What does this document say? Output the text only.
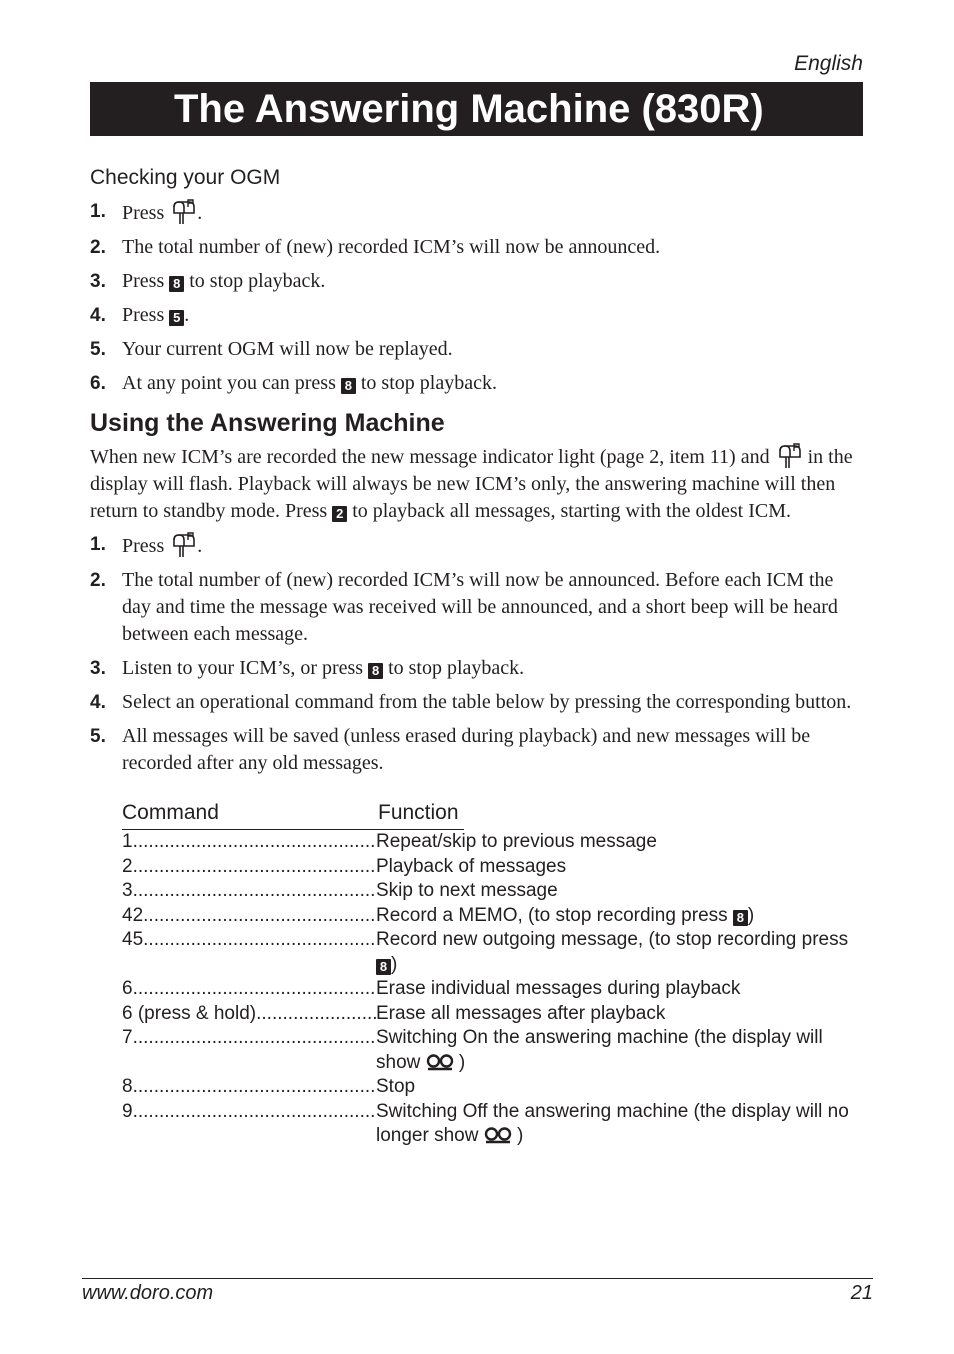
English
The Answering Machine (830R)
Checking your OGM
1. Press .
2. The total number of (new) recorded ICM’s will now be announced.
3. Press 8 to stop playback.
4. Press 5 .
5. Your current OGM will now be replayed.
6. At any point you can press 8 to stop playback.
Using the Answering Machine

When new ICM’s are recorded the new message indicator light (page 2, item 11) and in the display will flash. Playback will always be new ICM’s only, the answering machine will then return to standby mode. Press 2 to playback all messages, starting with the oldest ICM.

1. Press .
2. The total number of (new) recorded ICM’s will now be announced. Before each ICM the day and time the message was received will be announced, and a short beep will be heard between each message.
3. Listen to your ICM’s, or press 8 to stop playback.
4. Select an operational command from the table below by pressing the corresponding button.
5. All messages will be saved (unless erased during playback) and new messages will be recorded after any old messages.
Command	Function
1 .....	Repeat/skip to previous message
2 .....	Playback of messages
3 .....	Skip to next message
42 .....	Record a MEMO, (to stop recording press 8 )
45 .....	Record new outgoing message, (to stop recording press 8 )
6 .....	Erase individual messages during playback
6 (press & hold) .....	Erase all messages after playback
7 .....	Switching On the answering machine (the display will show )
8 .....	Stop
9 .....	Switching Off the answering machine (the display will no longer show )
www.doro.com	21
